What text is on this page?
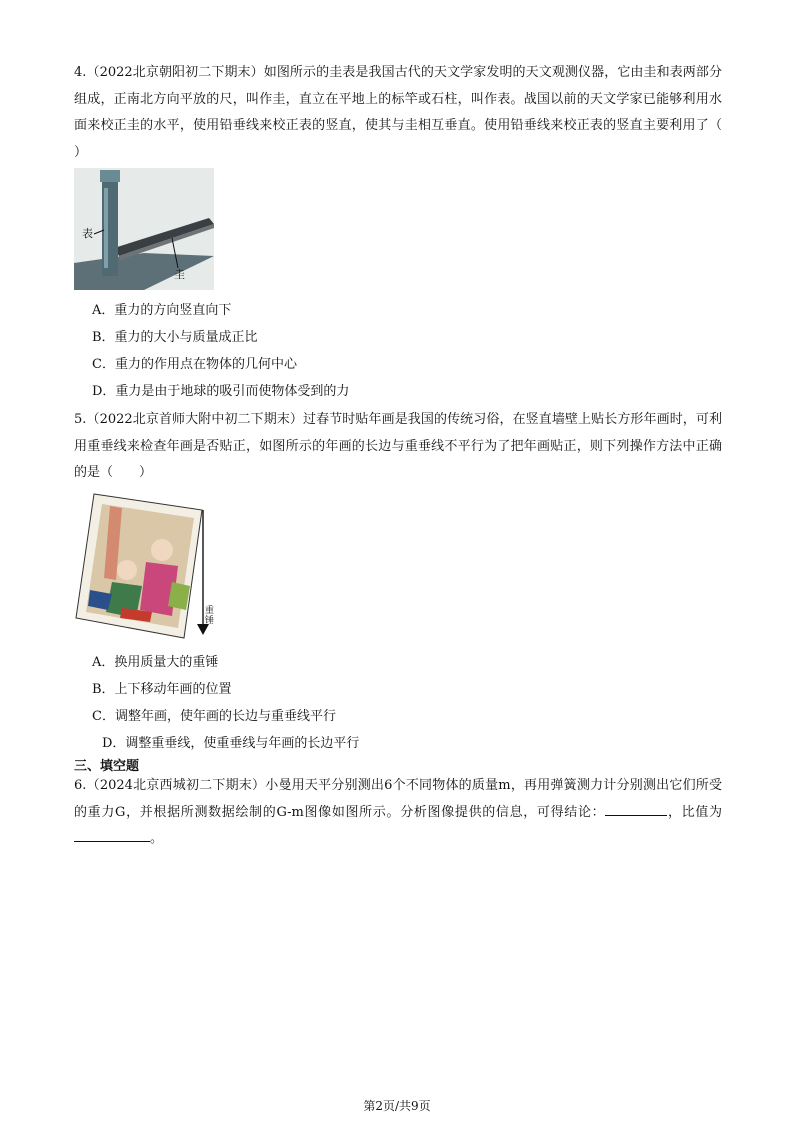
4.（2022北京朝阳初二下期末）如图所示的圭表是我国古代的天文学家发明的天文观测仪器，它由圭和表两部分组成，正南北方向平放的尺，叫作圭，直立在平地上的标竿或石柱，叫作表。战国以前的天文学家已能够利用水面来校正圭的水平，使用铅垂线来校正表的竖直，使其与圭相互垂直。使用铅垂线来校正表的竖直主要利用了（　　）
表
圭
A．重力的方向竖直向下
B．重力的大小与质量成正比
C．重力的作用点在物体的几何中心
D．重力是由于地球的吸引而使物体受到的力
5.（2022北京首师大附中初二下期末）过春节时贴年画是我国的传统习俗，在竖直墙壁上贴长方形年画时，可利用重垂线来检查年画是否贴正，如图所示的年画的长边与重垂线不平行为了把年画贴正，则下列操作方法中正确的是（　　）
重锤
A．换用质量大的重锤
B．上下移动年画的位置
C．调整年画，使年画的长边与重垂线平行
D．调整重垂线，使重垂线与年画的长边平行
三、填空题
6.（2024北京西城初二下期末）小曼用天平分别测出6个不同物体的质量m，再用弹簧测力计分别测出它们所受的重力G，并根据所测数据绘制的G-m图像如图所示。分析图像提供的信息，可得结论：	，比值为。
第2页/共9页
